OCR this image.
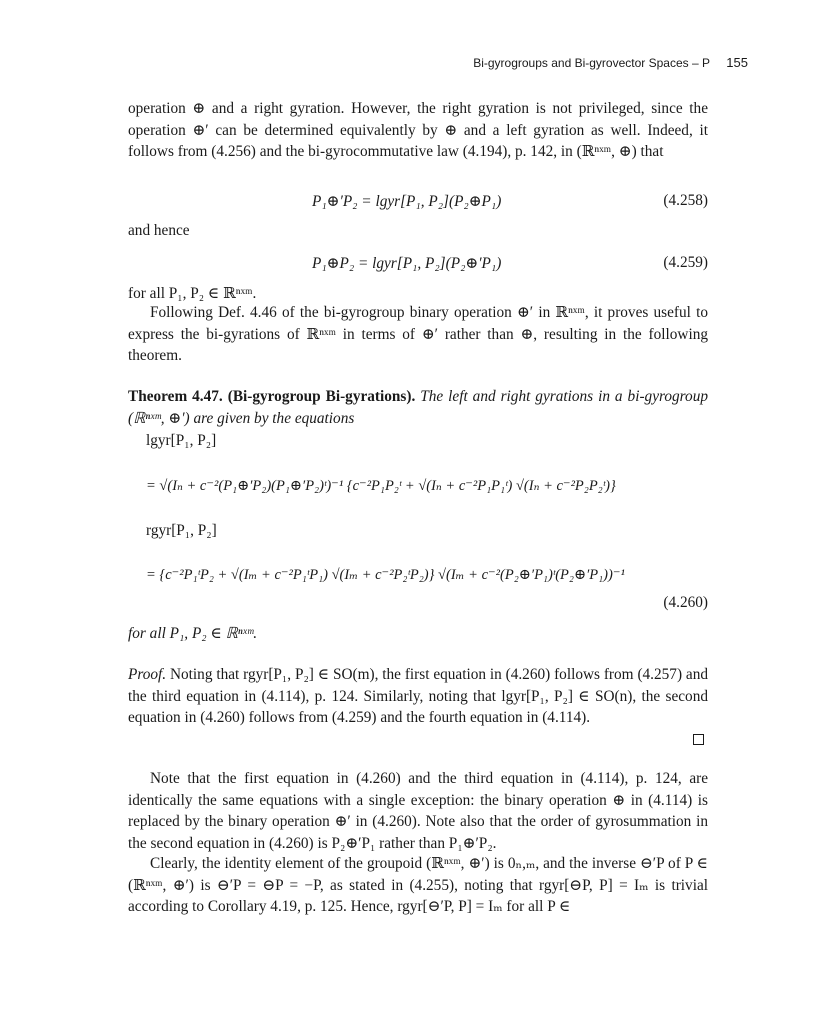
Bi-gyrogroups and Bi-gyrovector Spaces – P 155
operation ⊕ and a right gyration. However, the right gyration is not privileged, since the operation ⊕′ can be determined equivalently by ⊕ and a left gyration as well. Indeed, it follows from (4.256) and the bi-gyrocommutative law (4.194), p. 142, in (ℝⁿˣᵐ, ⊕) that
P₁⊕′P₂ = lgyr[P₁, P₂](P₂⊕P₁)	(4.258)
and hence
P₁⊕P₂ = lgyr[P₁, P₂](P₂⊕′P₁)	(4.259)
for all P₁, P₂ ∈ ℝⁿˣᵐ.
Following Def. 4.46 of the bi-gyrogroup binary operation ⊕′ in ℝⁿˣᵐ, it proves useful to express the bi-gyrations of ℝⁿˣᵐ in terms of ⊕′ rather than ⊕, resulting in the following theorem.
Theorem 4.47. (Bi-gyrogroup Bi-gyrations). The left and right gyrations in a bi-gyrogroup (ℝⁿˣᵐ, ⊕′) are given by the equations
lgyr[P₁, P₂]
= √(Iₙ + c⁻²(P₁⊕′P₂)(P₁⊕′P₂)ᵗ)⁻¹ {c⁻²P₁P₂ᵗ + √(Iₙ + c⁻²P₁P₁ᵗ) √(Iₙ + c⁻²P₂P₂ᵗ)}
rgyr[P₁, P₂]
= {c⁻²P₁ᵗP₂ + √(Iₘ + c⁻²P₁ᵗP₁) √(Iₘ + c⁻²P₂ᵗP₂)} √(Iₘ + c⁻²(P₂⊕′P₁)ᵗ(P₂⊕′P₁))⁻¹
(4.260)
for all P₁, P₂ ∈ ℝⁿˣᵐ.
Proof. Noting that rgyr[P₁, P₂] ∈ SO(m), the first equation in (4.260) follows from (4.257) and the third equation in (4.114), p. 124. Similarly, noting that lgyr[P₁, P₂] ∈ SO(n), the second equation in (4.260) follows from (4.259) and the fourth equation in (4.114).
Note that the first equation in (4.260) and the third equation in (4.114), p. 124, are identically the same equations with a single exception: the binary operation ⊕ in (4.114) is replaced by the binary operation ⊕′ in (4.260). Note also that the order of gyrosummation in the second equation in (4.260) is P₂⊕′P₁ rather than P₁⊕′P₂.
Clearly, the identity element of the groupoid (ℝⁿˣᵐ, ⊕′) is 0ₙ,ₘ, and the inverse ⊖′P of P ∈ (ℝⁿˣᵐ, ⊕′) is ⊖′P = ⊖P = −P, as stated in (4.255), noting that rgyr[⊖P, P] = Iₘ is trivial according to Corollary 4.19, p. 125. Hence, rgyr[⊖′P, P] = Iₘ for all P ∈
